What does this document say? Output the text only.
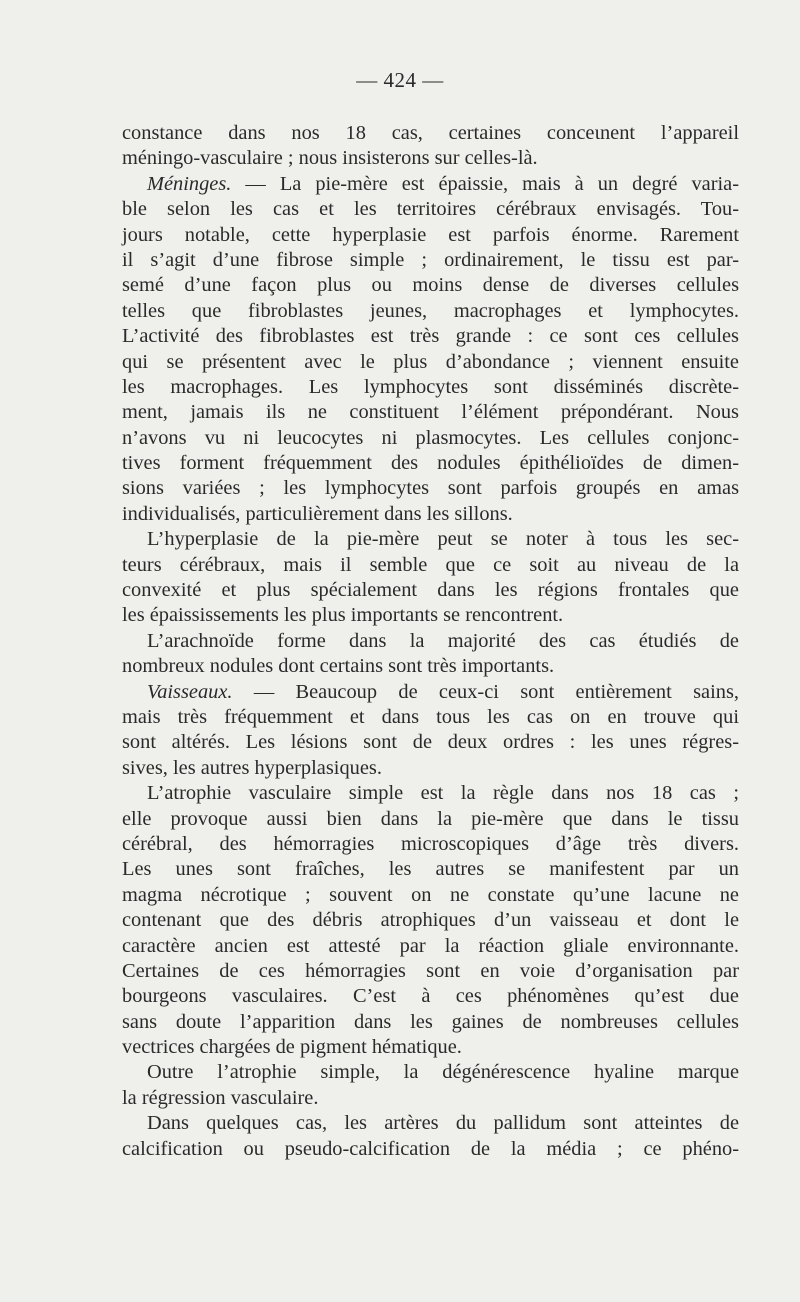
— 424 —
constance dans nos 18 cas, certaines conceɩnent l’appareil
méningo-vasculaire ; nous insisterons sur celles-là.
Méninges. — La pie-mère est épaissie, mais à un degré varia-
ble selon les cas et les territoires cérébraux envisagés. Tou-
jours notable, cette hyperplasie est parfois énorme. Rarement
il s’agit d’une fibrose simple ; ordinairement, le tissu est par-
semé d’une façon plus ou moins dense de diverses cellules
telles que fibroblastes jeunes, macrophages et lymphocytes.
L’activité des fibroblastes est très grande : ce sont ces cellules
qui se présentent avec le plus d’abondance ; viennent ensuite
les macrophages. Les lymphocytes sont disséminés discrète-
ment, jamais ils ne constituent l’élément prépondérant. Nous
n’avons vu ni leucocytes ni plasmocytes. Les cellules conjonc-
tives forment fréquemment des nodules épithélioïdes de dimen-
sions variées ; les lymphocytes sont parfois groupés en amas
individualisés, particulièrement dans les sillons.
L’hyperplasie de la pie-mère peut se noter à tous les sec-
teurs cérébraux, mais il semble que ce soit au niveau de la
convexité et plus spécialement dans les régions frontales que
les épaississements les plus importants se rencontrent.
L’arachnoïde forme dans la majorité des cas étudiés de
nombreux nodules dont certains sont très importants.
Vaisseaux. — Beaucoup de ceux-ci sont entièrement sains,
mais très fréquemment et dans tous les cas on en trouve qui
sont altérés. Les lésions sont de deux ordres : les unes régres-
sives, les autres hyperplasiques.
L’atrophie vasculaire simple est la règle dans nos 18 cas ;
elle provoque aussi bien dans la pie-mère que dans le tissu
cérébral, des hémorragies microscopiques d’âge très divers.
Les unes sont fraîches, les autres se manifestent par un
magma nécrotique ; souvent on ne constate qu’une lacune ne
contenant que des débris atrophiques d’un vaisseau et dont le
caractère ancien est attesté par la réaction gliale environnante.
Certaines de ces hémorragies sont en voie d’organisation par
bourgeons vasculaires. C’est à ces phénomènes qu’est due
sans doute l’apparition dans les gaines de nombreuses cellules
vectrices chargées de pigment hématique.
Outre l’atrophie simple, la dégénérescence hyaline marque
la régression vasculaire.
Dans quelques cas, les artères du pallidum sont atteintes de
calcification ou pseudo-calcification de la média ; ce phéno-
